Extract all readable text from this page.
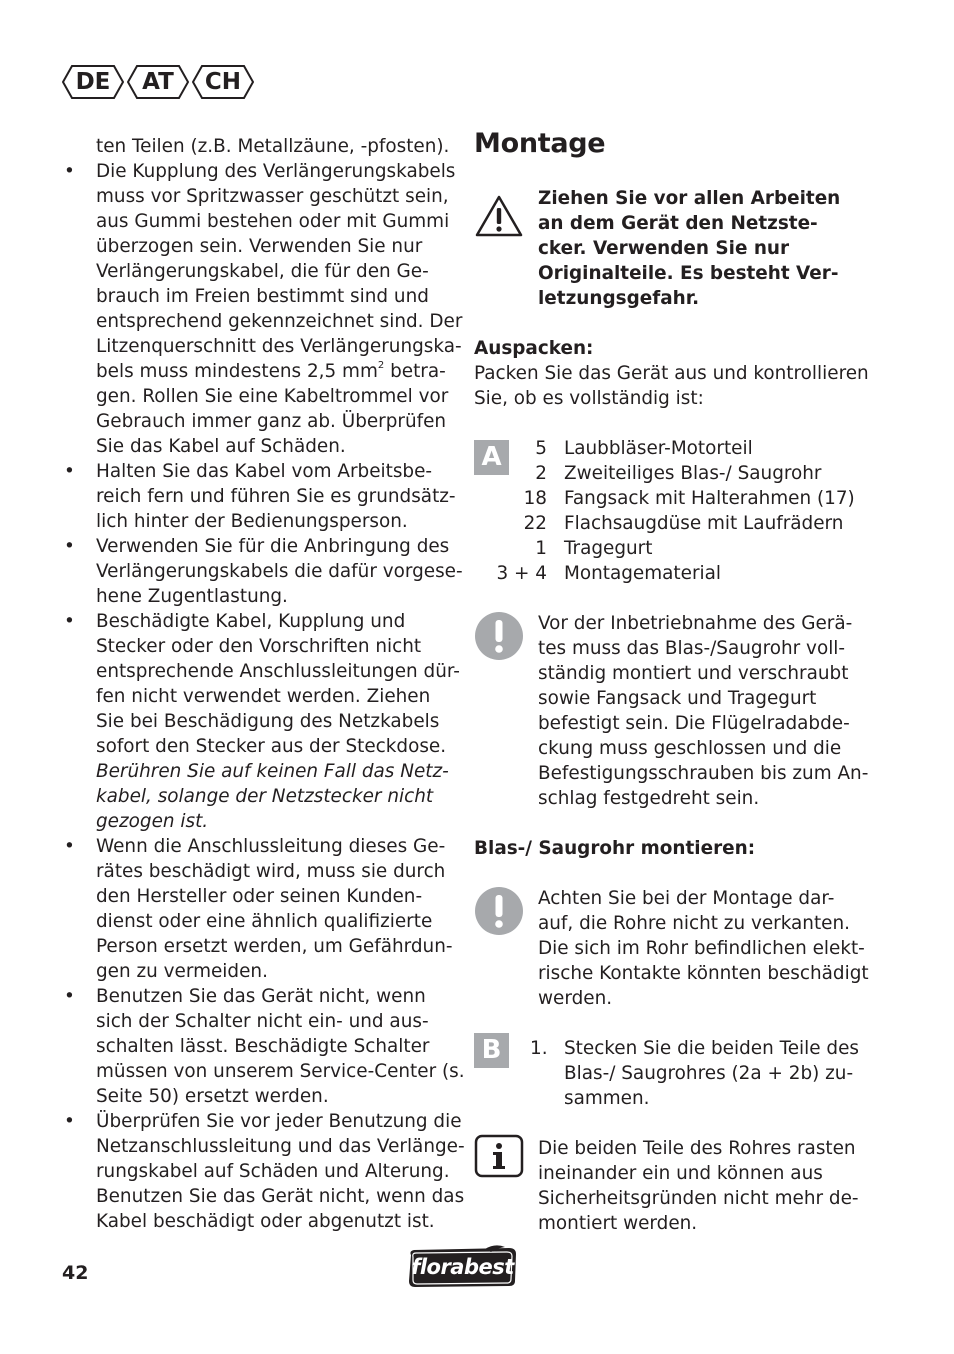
DE	AT	CH
ten Teilen (z.B. Metallzäune, -pfosten).
• Die Kupplung des Verlängerungskabels
muss vor Spritzwasser geschützt sein,
aus Gummi bestehen oder mit Gummi
überzogen sein. Verwenden Sie nur
Verlängerungskabel, die für den Ge-
brauch im Freien bestimmt sind und
entsprechend gekennzeichnet sind. Der
Litzenquerschnitt des Verlängerungska-
bels muss mindestens 2,5 $mm^2$ betra-
gen. Rollen Sie eine Kabeltrommel vor
Gebrauch immer ganz ab. Überprüfen
Sie das Kabel auf Schäden.
• Halten Sie das Kabel vom Arbeitsbe-
reich fern und führen Sie es grundsätz-
lich hinter der Bedienungsperson.
• Verwenden Sie für die Anbringung des
Verlängerungskabels die dafür vorgese-
hene Zugentlastung.
• Beschädigte Kabel, Kupplung und
Stecker oder den Vorschriften nicht
entsprechende Anschlussleitungen dür-
fen nicht verwendet werden. Ziehen
Sie bei Beschädigung des Netzkabels
sofort den Stecker aus der Steckdose.
Berühren Sie auf keinen Fall das Netz-
kabel, solange der Netzstecker nicht
gezogen ist.
• Wenn die Anschlussleitung dieses Ge-
rätes beschädigt wird, muss sie durch
den Hersteller oder seinen Kunden-
dienst oder eine ähnlich qualifizierte
Person ersetzt werden, um Gefährdun-
gen zu vermeiden.
• Benutzen Sie das Gerät nicht, wenn
sich der Schalter nicht ein- und aus-
schalten lässt. Beschädigte Schalter
müssen von unserem Service-Center (s.
Seite 50) ersetzt werden.
• Überprüfen Sie vor jeder Benutzung die
Netzanschlussleitung und das Verlänge-
rungskabel auf Schäden und Alterung.
Benutzen Sie das Gerät nicht, wenn das
Kabel beschädigt oder abgenutzt ist.
Montage
Ziehen Sie vor allen Arbeiten
an dem Gerät den Netzste-
cker. Verwenden Sie nur
Originalteile. Es besteht Ver-
letzungsgefahr.
Auspacken:
Packen Sie das Gerät aus und kontrollieren
Sie, ob es vollständig ist:
A	5	Laubbläser-Motorteil
2	Zweiteiliges Blas-/ Saugrohr
18	Fangsack mit Halterahmen (17)
22	Flachsaugdüse mit Laufrädern
1	Tragegurt
3 + 4	Montagematerial
Vor der Inbetriebnahme des Gerä-
tes muss das Blas-/Saugrohr voll-
ständig montiert und verschraubt
sowie Fangsack und Tragegurt
befestigt sein. Die Flügelradabde-
ckung muss geschlossen und die
Befestigungsschrauben bis zum An-
schlag festgedreht sein.
Blas-/ Saugrohr montieren:
Achten Sie bei der Montage dar-
auf, die Rohre nicht zu verkanten.
Die sich im Rohr befindlichen elekt-
rische Kontakte könnten beschädigt
werden.
B	1. Stecken Sie die beiden Teile des
Blas-/ Saugrohres (2a + 2b) zu-
sammen.
Die beiden Teile des Rohres rasten
ineinander ein und können aus
Sicherheitsgründen nicht mehr de-
montiert werden.
42	florabest
